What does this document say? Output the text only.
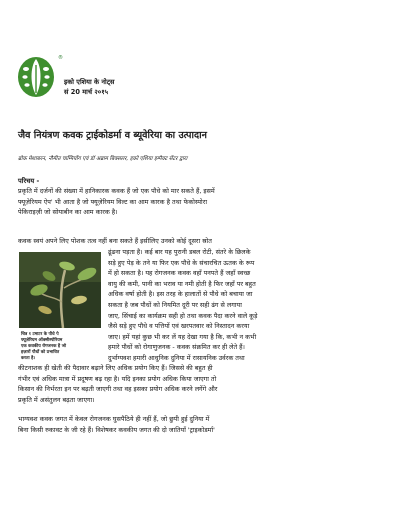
®
इको एशिया के नोट्स
सं 20 मार्च २०१५
जैव नियंत्रण कवक ट्राईकोडर्मा व ब्यूवेरिया का उत्पादान
ब्रोक मेशाबरन, नौमीत चाम्पियोंग एवं डॉ अब्राम बिक्सलर, इको एशिया इम्पैक्ट सेंटर द्वारा
परिचय -
प्रकृति में दर्जनों की संख्या में हानिकारक कवक हैं जो एक पौधे को मार सकते हैं, इसमें
फ्यूज़ेरियम ऐप' भी आता है जो फ्यूज़ेरियम विल्ट का आम कारक है तथा फेकोस्पोरा
पेकिराइज़ी जो सोयाबीन का आम कारक है।
कवक स्वयं अपने लिए पोशक तत्व नहीं बना सकते हैं इसीलिए उनको कोई दूसरा स्रोत
चित्र १ टमाटर के पौधे पे
फ्यूज़ेरियम ऑक्सीस्पोरियम
एक कवकीय रोगजनक है जो
हज़ारों पौधों को प्रभावित
करता है।
ढूंढना पड़ता है। कई बार यह पुरानी डबल रोटी, संतरे के छिलके
सड़े हुए पेड़ के तने या फिर एक पौधे के संचारचित ऊतक के रूप
में हो सकता है। यह रोगजनक कवक वहाँ पनपते हैं जहाँ स्वच्छ
वायु की कमी, पानी का भराव या नमी होती है फिर जहाँ पर बहुत
अधिक वर्षा होती है। इस तरह के हालातों से पौधे को बचाया जा
सकता है जब पौधों को नियमित दूरी पर सही ढंग से लगाया
जाए, सिंचाई का कार्यक्रम सही हो तथा कवक पैदा करने वाले कूड़े
जैसे सड़े हुए पौधे व पत्तियों एवं खरपतवार को निस्तादन करया
जाए। हमें यहां कुछ भी कर लें यह देखा गया है कि, कभी न कभी
हमारे पौधों को रोगाणुजनक - कवक संक्रमित कर ही लेते हैं।
दुर्भाग्यवश हमारी आधुनिक दुनिया में रासायनिक उर्वरक तथा
कीटनाशक ही खेती की पैदावार बढ़ाने लिए अधिक प्रयोग किए हैं। जिससे की बहुत ही
गंभीर एवं अधिक मात्रा में प्रदूषण बढ़ रहा है। यदि इनका प्रयोग अधिक किया जाएगा तो
किसान की निर्भरता इन पर बढ़ती जाएगी तथा वह इसका प्रयोग अधिक करने लगेंगे और
प्रकृति में असंतुलन बढ़ता जाएगा।
भाग्यवश कवक जगत में केवल रोगजनक घुसपैठिये ही नहीं हैं, जो छुपी हुई दुनिया में
बिना किसी रुकावट के जी रहे हैं। विशेषकर कवकीय जगत की दो जातियाँ 'ट्राइकोडर्मा'
